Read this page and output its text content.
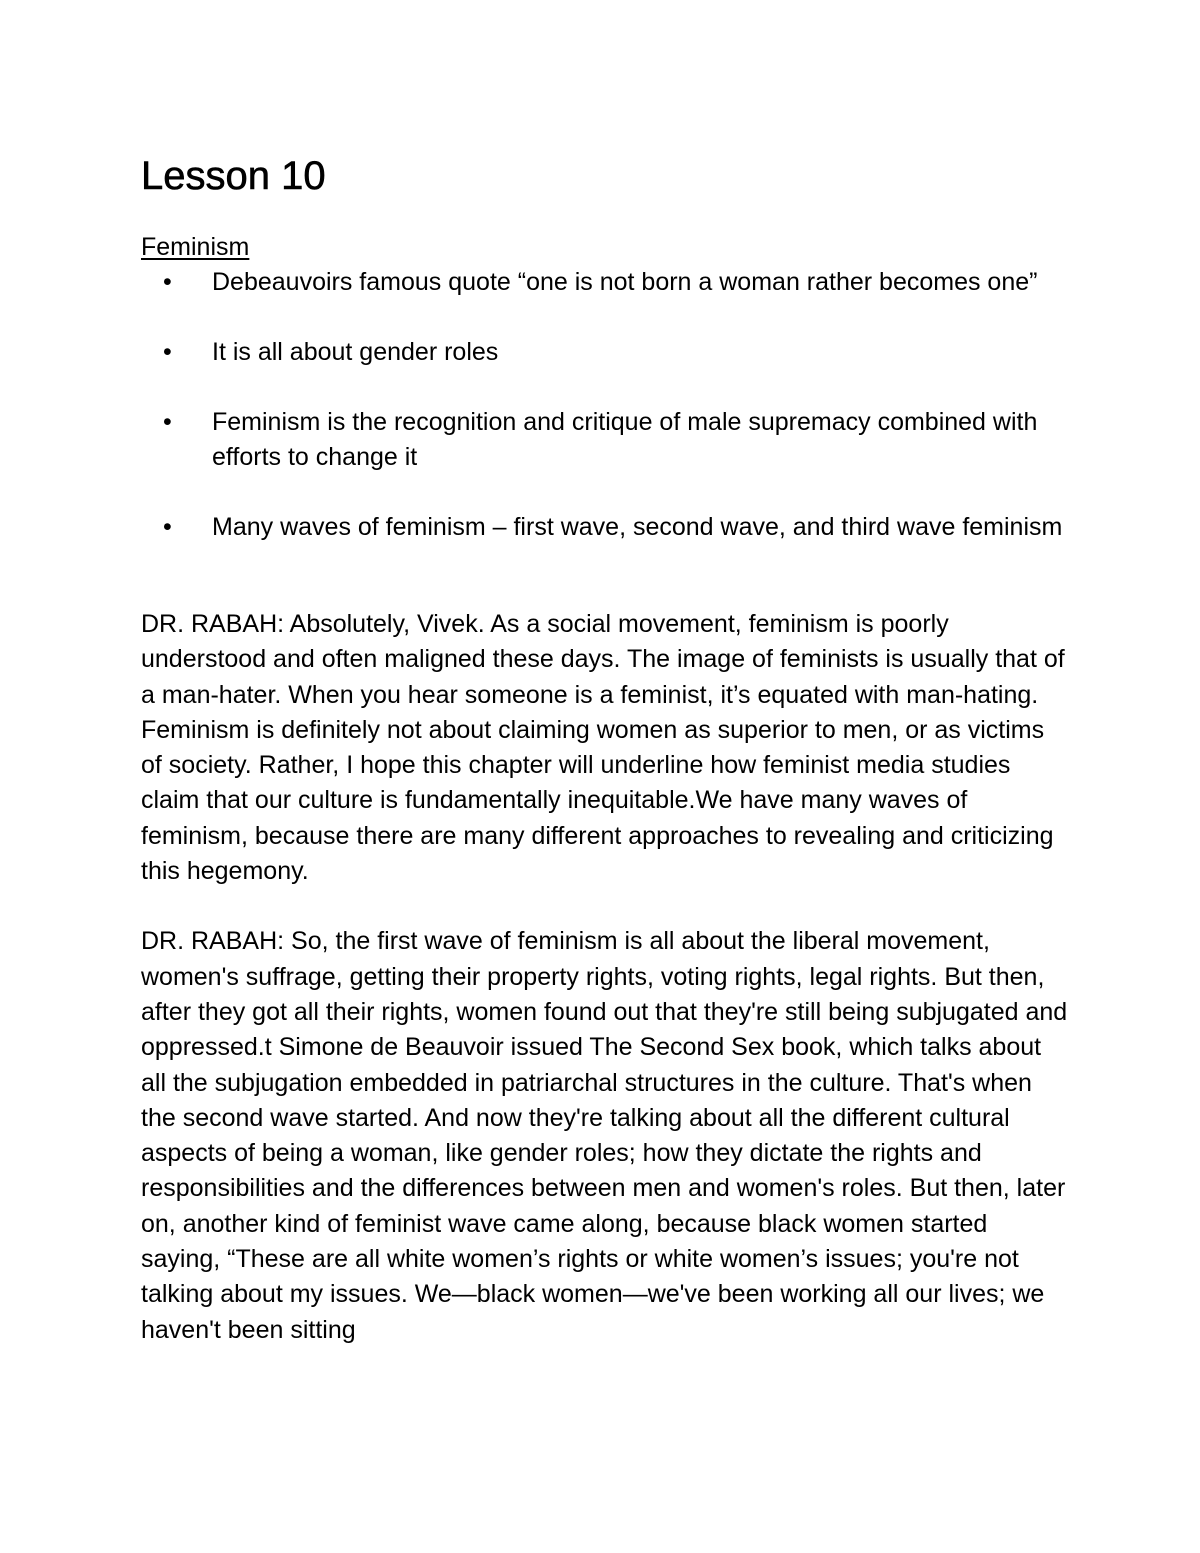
Lesson 10
Feminism
• Debeauvoirs famous quote “one is not born a woman rather becomes one”
• It is all about gender roles
• Feminism is the recognition and critique of male supremacy combined with efforts to change it
• Many waves of feminism – first wave, second wave, and third wave feminism

DR. RABAH: Absolutely, Vivek. As a social movement, feminism is poorly understood and often maligned these days. The image of feminists is usually that of a man-hater. When you hear someone is a feminist, it’s equated with man-hating. Feminism is definitely not about claiming women as superior to men, or as victims of society. Rather, I hope this chapter will underline how feminist media studies claim that our culture is fundamentally inequitable.We have many waves of feminism, because there are many different approaches to revealing and criticizing this hegemony.

DR. RABAH: So, the first wave of feminism is all about the liberal movement, women's suffrage, getting their property rights, voting rights, legal rights. But then, after they got all their rights, women found out that they're still being subjugated and oppressed.t Simone de Beauvoir issued The Second Sex book, which talks about all the subjugation embedded in patriarchal structures in the culture. That's when the second wave started. And now they're talking about all the different cultural aspects of being a woman, like gender roles; how they dictate the rights and responsibilities and the differences between men and women's roles. But then, later on, another kind of feminist wave came along, because black women started saying, “These are all white women’s rights or white women’s issues; you're not talking about my issues. We—black women—we've been working all our lives; we haven't been sitting
